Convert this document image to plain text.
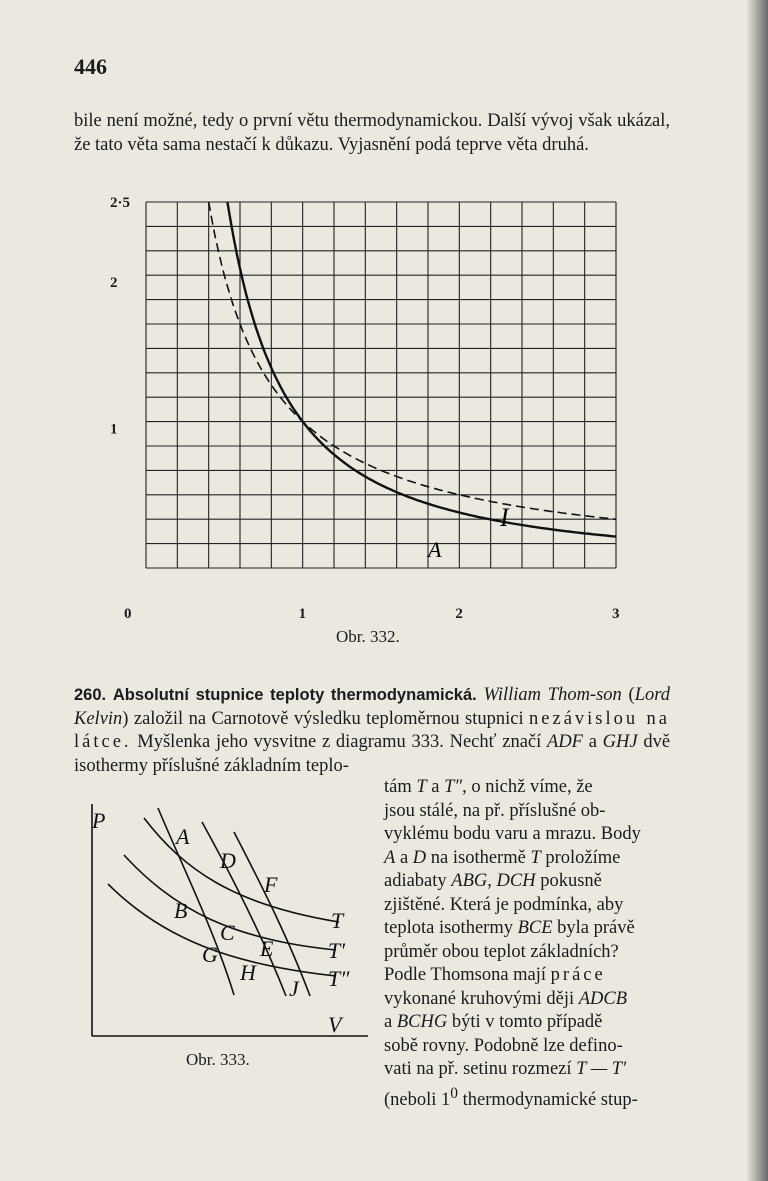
446
bile není možné, tedy o první větu thermodynamickou. Další vývoj však ukázal, že tato věta sama nestačí k důkazu. Vyjasnění podá teprve věta druhá.
2·5
2
1
0	1	2	3
I
A
Obr. 332.
260. Absolutní stupnice teploty thermodynamická. William Thom-son (Lord Kelvin) založil na Carnotově výsledku teploměrnou stupnici nezávislou na látce. Myšlenka jeho vysvitne z diagramu 333. Nechť značí ADF a GHJ dvě isothermy příslušné základním teplo-
tám T a T″, o nichž víme, že
jsou stálé, na př. příslušné ob-
vyklému bodu varu a mrazu. Body
A a D na isothermě T proložíme
adiabaty ABG, DCH pokusně
zjištěné. Která je podmínka, aby
teplota isothermy BCE byla právě
průměr obou teplot základních?
Podle Thomsona mají práce
vykonané kruhovými ději ADCB
a BCHG býti v tomto případě
sobě rovny. Podobně lze defino-
vati na př. setinu rozmezí T — T′
(neboli $1^0$ thermodynamické stup-
P
V
A
D
F
B
C
E
G
H
J
T
T′
T″
Obr. 333.
